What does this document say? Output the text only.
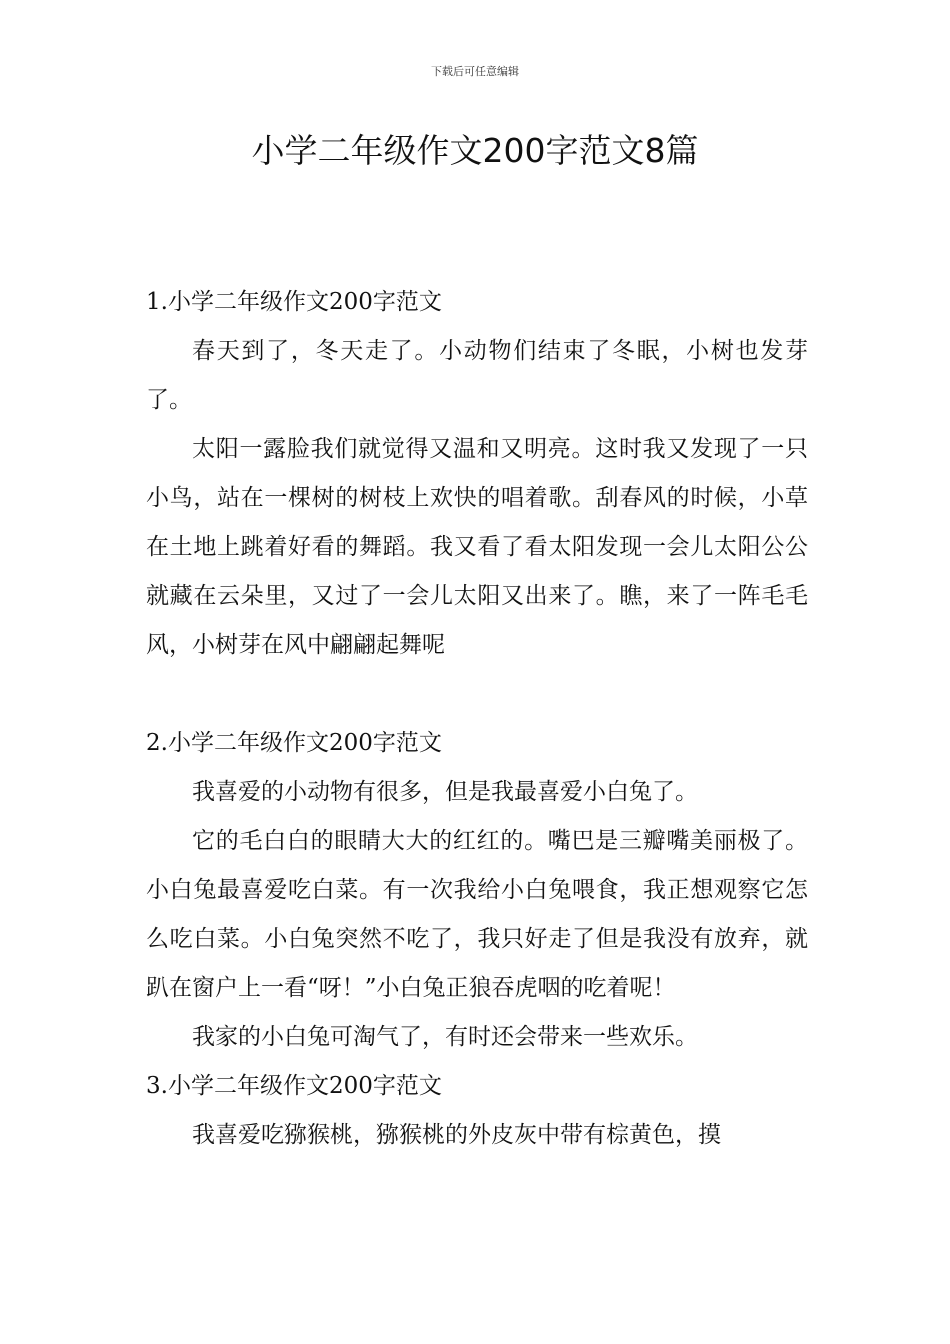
下载后可任意编辑
小学二年级作文200字范文8篇
1.小学二年级作文200字范文

春天到了，冬天走了。小动物们结束了冬眠，小树也发芽了。

太阳一露脸我们就觉得又温和又明亮。这时我又发现了一只小鸟，站在一棵树的树枝上欢快的唱着歌。刮春风的时候，小草在土地上跳着好看的舞蹈。我又看了看太阳发现一会儿太阳公公就藏在云朵里，又过了一会儿太阳又出来了。瞧，来了一阵毛毛风，小树芽在风中翩翩起舞呢

2.小学二年级作文200字范文

我喜爱的小动物有很多，但是我最喜爱小白兔了。

它的毛白白的眼睛大大的红红的。嘴巴是三瓣嘴美丽极了。小白兔最喜爱吃白菜。有一次我给小白兔喂食，我正想观察它怎么吃白菜。小白兔突然不吃了，我只好走了但是我没有放弃，就趴在窗户上一看“呀！”小白兔正狼吞虎咽的吃着呢！

我家的小白兔可淘气了，有时还会带来一些欢乐。

3.小学二年级作文200字范文

我喜爱吃猕猴桃，猕猴桃的外皮灰中带有棕黄色，摸
